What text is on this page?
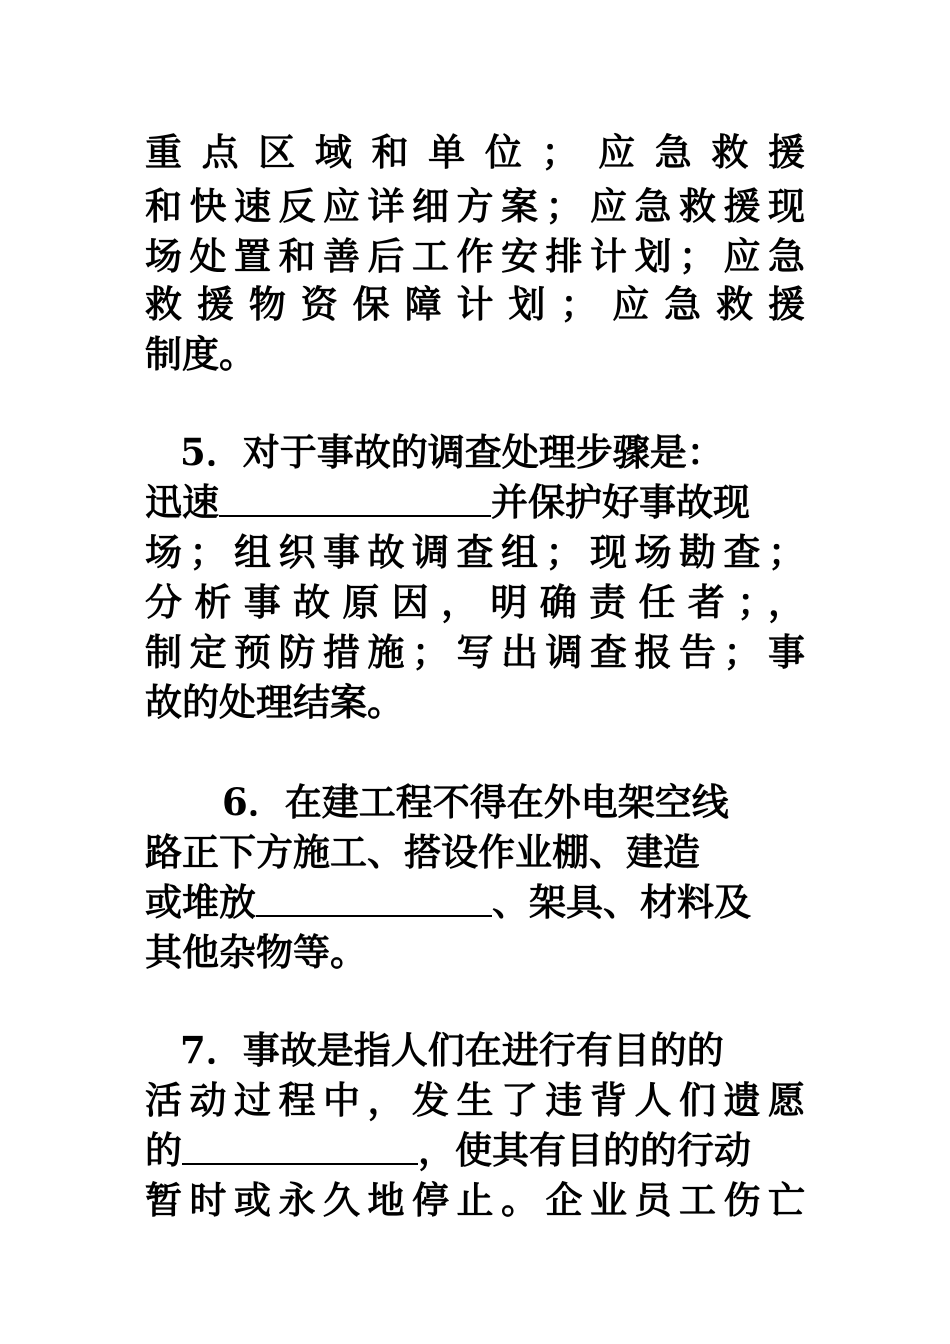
重点区域和单位；应急救援
和快速反应详细方案；应急救援现
场处置和善后工作安排计划；应急
救援物资保障计划；应急救援
制度。
5．对于事故的调查处理步骤是：
迅速	并保护好事故现
场；组织事故调查组；现场勘查；
分析事故原因，明确责任者；，
制定预防措施；写出调查报告；事
故的处理结案。
6．在建工程不得在外电架空线
路正下方施工、搭设作业棚、建造
或堆放	、架具、材料及
其他杂物等。
7．事故是指人们在进行有目的的
活动过程中，发生了违背人们遗愿
的	，使其有目的的行动
暂时或永久地停止。企业员工伤亡
